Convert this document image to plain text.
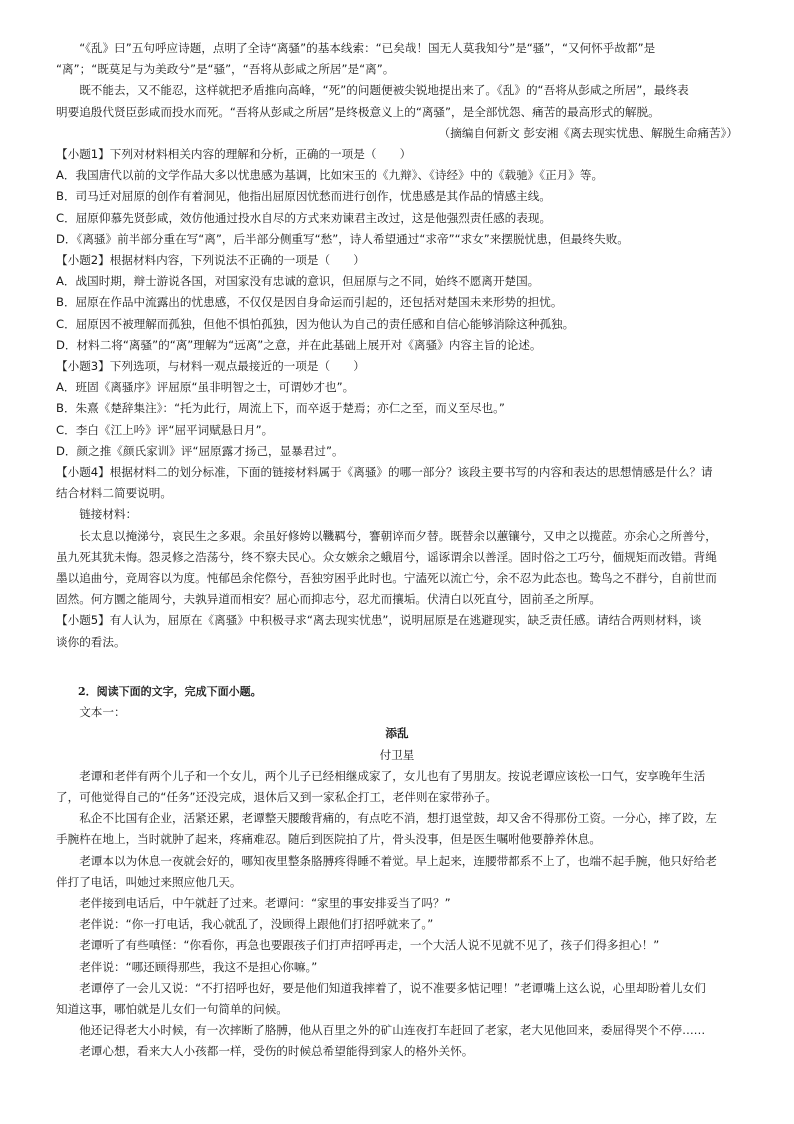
“《乱》曰”五句呼应诗题，点明了全诗“离骚”的基本线索：“已矣哉！国无人莫我知兮”是“骚”，“又何怀乎故都”是
“离”；“既莫足与为美政兮”是“骚”，“吾将从彭咸之所居”是“离”。
既不能去，又不能忍，这样就把矛盾推向高峰，“死”的问题便被尖锐地提出来了。《乱》的“吾将从彭咸之所居”，最终表
明要追殷代贤臣彭咸而投水而死。“吾将从彭咸之所居”是终极意义上的“离骚”，是全部忧怨、痛苦的最高形式的解脱。
（摘编自何新文 彭安湘《离去现实忧患、解脱生命痛苦》）
【小题1】下列对材料相关内容的理解和分析，正确的一项是（　　）
A．我国唐代以前的文学作品大多以忧患感为基调，比如宋玉的《九辩》、《诗经》中的《载驰》《正月》等。
B．司马迁对屈原的创作有着洞见，他指出屈原因忧愁而进行创作，忧患感是其作品的情感主线。
C．屈原仰慕先贤彭咸，效仿他通过投水自尽的方式来劝谏君主改过，这是他强烈责任感的表现。
D．《离骚》前半部分重在写“离”，后半部分侧重写“愁”，诗人希望通过“求帝”“求女”来摆脱忧患，但最终失败。
【小题2】根据材料内容，下列说法不正确的一项是（　　）
A．战国时期，辩士游说各国，对国家没有忠诚的意识，但屈原与之不同，始终不愿离开楚国。
B．屈原在作品中流露出的忧患感，不仅仅是因自身命运而引起的，还包括对楚国未来形势的担忧。
C．屈原因不被理解而孤独，但他不惧怕孤独，因为他认为自己的责任感和自信心能够消除这种孤独。
D．材料二将“离骚”的“离”理解为“远离”之意，并在此基础上展开对《离骚》内容主旨的论述。
【小题3】下列选项，与材料一观点最接近的一项是（　　）
A．班固《离骚序》评屈原“虽非明智之士，可谓妙才也”。
B．朱熹《楚辞集注》：“托为此行，周流上下，而卒返于楚焉；亦仁之至，而义至尽也。”
C．李白《江上吟》评“屈平词赋悬日月”。
D．颜之推《颜氏家训》评“屈原露才扬己，显暴君过”。
【小题4】根据材料二的划分标准，下面的链接材料属于《离骚》的哪一部分？该段主要书写的内容和表达的思想情感是什么？请
结合材料二简要说明。
链接材料：
长太息以掩涕兮，哀民生之多艰。余虽好修姱以鞿羁兮，謇朝谇而夕替。既替余以蕙镶兮，又申之以揽茝。亦余心之所善兮，
虽九死其犹未悔。怨灵修之浩荡兮，终不察夫民心。众女嫉余之蛾眉兮，谣诼谓余以善淫。固时俗之工巧兮，偭规矩而改错。背绳
墨以追曲兮，竞周容以为度。忳郁邑余侘傺兮，吾独穷困乎此时也。宁溘死以流亡兮，余不忍为此态也。鸷鸟之不群兮，自前世而
固然。何方圜之能周兮，夫孰异道而相安？屈心而抑志兮，忍尤而攘垢。伏清白以死直兮，固前圣之所厚。
【小题5】有人认为，屈原在《离骚》中积极寻求“离去现实忧患”，说明屈原是在逃避现实，缺乏责任感。请结合两则材料，谈
谈你的看法。
2．阅读下面的文字，完成下面小题。
文本一：
添乱
付卫星
老谭和老伴有两个儿子和一个女儿，两个儿子已经相继成家了，女儿也有了男朋友。按说老谭应该松一口气，安享晚年生活
了，可他觉得自己的“任务”还没完成，退休后又到一家私企打工，老伴则在家带孙子。
私企不比国有企业，活紧还累，老谭整天腰酸背痛的，有点吃不消，想打退堂鼓，却又舍不得那份工资。一分心，摔了跤，左
手腕杵在地上，当时就肿了起来，疼痛难忍。随后到医院拍了片，骨头没事，但是医生嘱咐他要静养休息。
老谭本以为休息一夜就会好的，哪知夜里整条胳膊疼得睡不着觉。早上起来，连腰带都系不上了，也端不起手腕，他只好给老
伴打了电话，叫她过来照应他几天。
老伴接到电话后，中午就赶了过来。老谭问：“家里的事安排妥当了吗？”
老伴说：“你一打电话，我心就乱了，没顾得上跟他们打招呼就来了。”
老谭听了有些嗔怪：“你看你，再急也要跟孩子们打声招呼再走，一个大活人说不见就不见了，孩子们得多担心！”
老伴说：“哪还顾得那些，我这不是担心你嘛。”
老谭停了一会儿又说：“不打招呼也好，要是他们知道我摔着了，说不准要多惦记哩！”老谭嘴上这么说，心里却盼着儿女们
知道这事，哪怕就是儿女们一句简单的问候。
他还记得老大小时候，有一次摔断了胳膊，他从百里之外的矿山连夜打车赶回了老家，老大见他回来，委屈得哭个不停……
老谭心想，看来大人小孩都一样，受伤的时候总希望能得到家人的格外关怀。
